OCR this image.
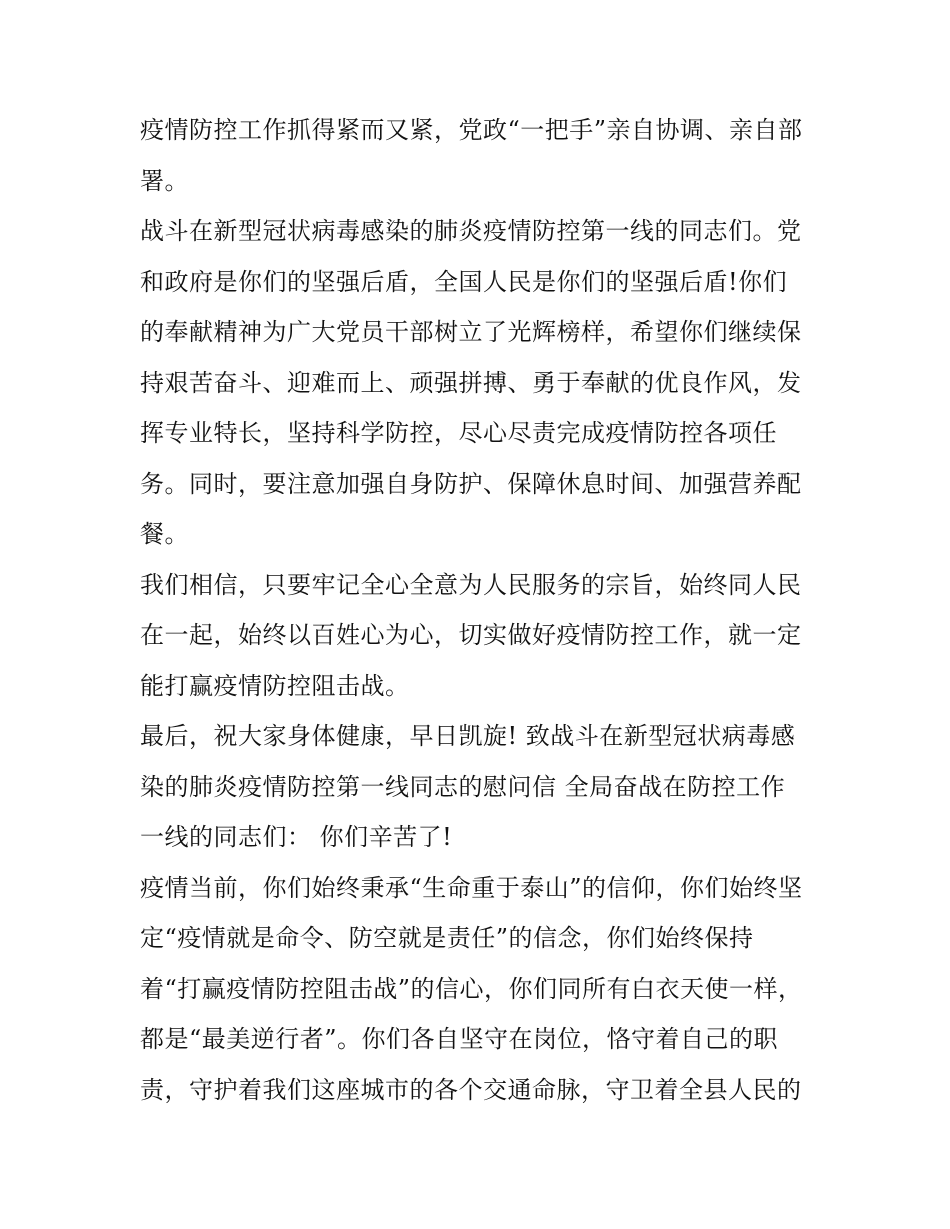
疫情防控工作抓得紧而又紧，党政“一把手”亲自协调、亲自部
署。
战斗在新型冠状病毒感染的肺炎疫情防控第一线的同志们。党
和政府是你们的坚强后盾，全国人民是你们的坚强后盾!你们
的奉献精神为广大党员干部树立了光辉榜样，希望你们继续保
持艰苦奋斗、迎难而上、顽强拼搏、勇于奉献的优良作风，发
挥专业特长，坚持科学防控，尽心尽责完成疫情防控各项任
务。同时，要注意加强自身防护、保障休息时间、加强营养配
餐。
我们相信，只要牢记全心全意为人民服务的宗旨，始终同人民
在一起，始终以百姓心为心，切实做好疫情防控工作，就一定
能打赢疫情防控阻击战。
最后，祝大家身体健康，早日凯旋! 致战斗在新型冠状病毒感
染的肺炎疫情防控第一线同志的慰问信 全局奋战在防控工作
一线的同志们： 你们辛苦了!
疫情当前，你们始终秉承“生命重于泰山”的信仰，你们始终坚
定“疫情就是命令、防空就是责任”的信念，你们始终保持
着“打赢疫情防控阻击战”的信心，你们同所有白衣天使一样，
都是“最美逆行者”。你们各自坚守在岗位，恪守着自己的职
责，守护着我们这座城市的各个交通命脉，守卫着全县人民的
